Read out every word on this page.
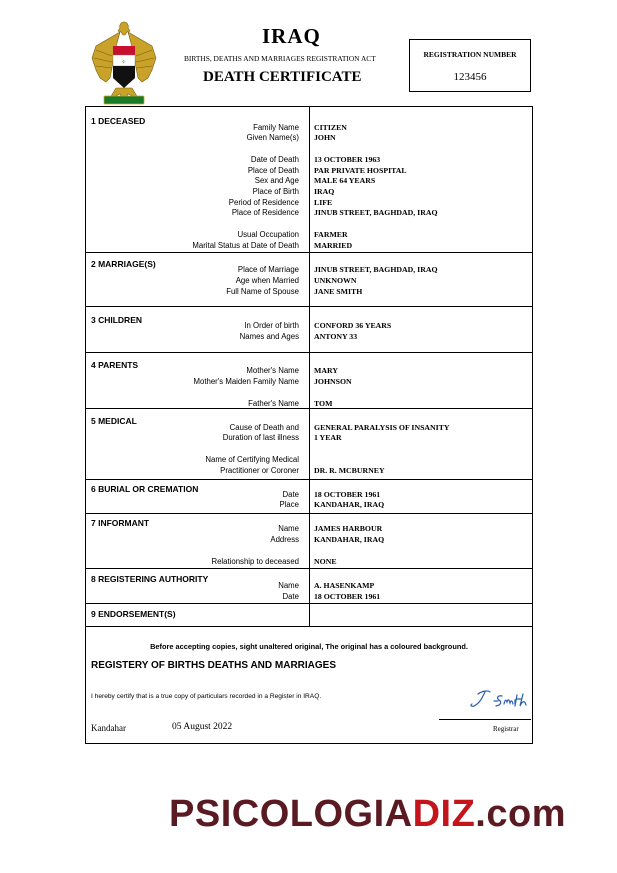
☪
IRAQ
BIRTHS, DEATHS AND MARRIAGES REGISTRATION ACT
DEATH CERTIFICATE
REGISTRATION NUMBER
123456
1 DECEASED
Family Name CITIZEN
Given Name(s) JOHN
Date of Death 13 OCTOBER 1963
Place of Death PAR PRIVATE HOSPITAL
Sex and Age MALE 64 YEARS
Place of Birth IRAQ
Period of Residence LIFE
Place of Residence JINUB STREET, BAGHDAD, IRAQ
Usual Occupation FARMER
Marital Status at Date of Death MARRIED
2 MARRIAGE(S)
Place of Marriage JINUB STREET, BAGHDAD, IRAQ
Age when Married UNKNOWN
Full Name of Spouse JANE SMITH
3 CHILDREN
In Order of birth CONFORD 36 YEARS
Names and Ages ANTONY 33
4 PARENTS
Mother's Name MARY
Mother's Maiden Family Name JOHNSON
Father's Name TOM
5 MEDICAL
Cause of Death and GENERAL PARALYSIS OF INSANITY
Duration of last illness 1 YEAR
Name of Certifying Medical
Practitioner or Coroner DR. R. MCBURNEY
6 BURIAL OR CREMATION
Date 18 OCTOBER 1961
Place KANDAHAR, IRAQ
7 INFORMANT
Name JAMES HARBOUR
Address KANDAHAR, IRAQ
Relationship to deceased NONE
8 REGISTERING AUTHORITY
Name A. HASENKAMP
Date 18 OCTOBER 1961
9 ENDORSEMENT(S)
Before accepting copies, sight unaltered original, The original has a coloured background.
REGISTERY OF BIRTHS DEATHS AND MARRIAGES
I hereby certify that is a true copy of particulars recorded in a Register in IRAQ.
Kandahar	05 August 2022	Registrar
PSICOLOGIADIZ.com
